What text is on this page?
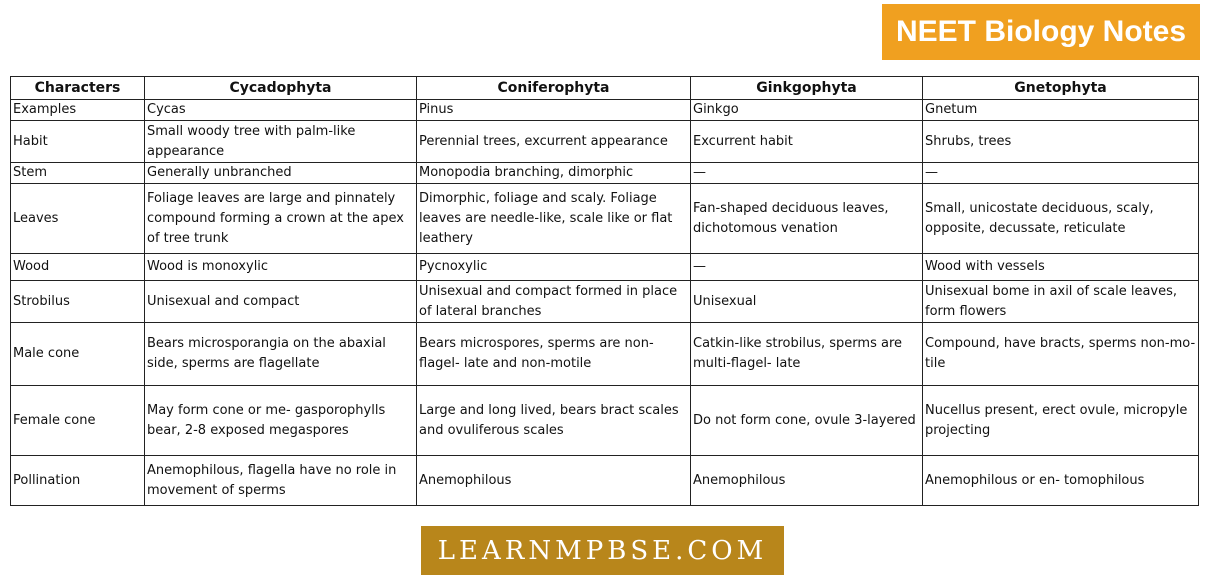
NEET Biology Notes
Characters	Cycadophyta	Coniferophyta	Ginkgophyta	Gnetophyta
Examples	Cycas	Pinus	Ginkgo	Gnetum
Habit	Small woody tree with palm-like appearance	Perennial trees, excurrent appearance	Excurrent habit	Shrubs, trees
Stem	Generally unbranched	Monopodia branching, dimorphic	—	—
Leaves	Foliage leaves are large and pinnately compound forming a crown at the apex of tree trunk	Dimorphic, foliage and scaly. Foliage leaves are needle-like, scale like or flat leathery	Fan-shaped deciduous leaves, dichotomous venation	Small, unicostate deciduous, scaly, opposite, decussate, reticulate
Wood	Wood is monoxylic	Pycnoxylic	—	Wood with vessels
Strobilus	Unisexual and compact	Unisexual and compact formed in place of lateral branches	Unisexual	Unisexual bome in axil of scale leaves, form flowers
Male cone	Bears microsporangia on the abaxial side, sperms are flagellate	Bears microspores, sperms are non-flagel- late and non-motile	Catkin-like strobilus, sperms are multi-flagel- late	Compound, have bracts, sperms non-mo- tile
Female cone	May form cone or me- gasporophylls bear, 2-8 exposed megaspores	Large and long lived, bears bract scales and ovuliferous scales	Do not form cone, ovule 3-layered	Nucellus present, erect ovule, micropyle projecting
Pollination	Anemophilous, flagella have no role in movement of sperms	Anemophilous	Anemophilous	Anemophilous or en- tomophilous
LEARNMPBSE.COM
